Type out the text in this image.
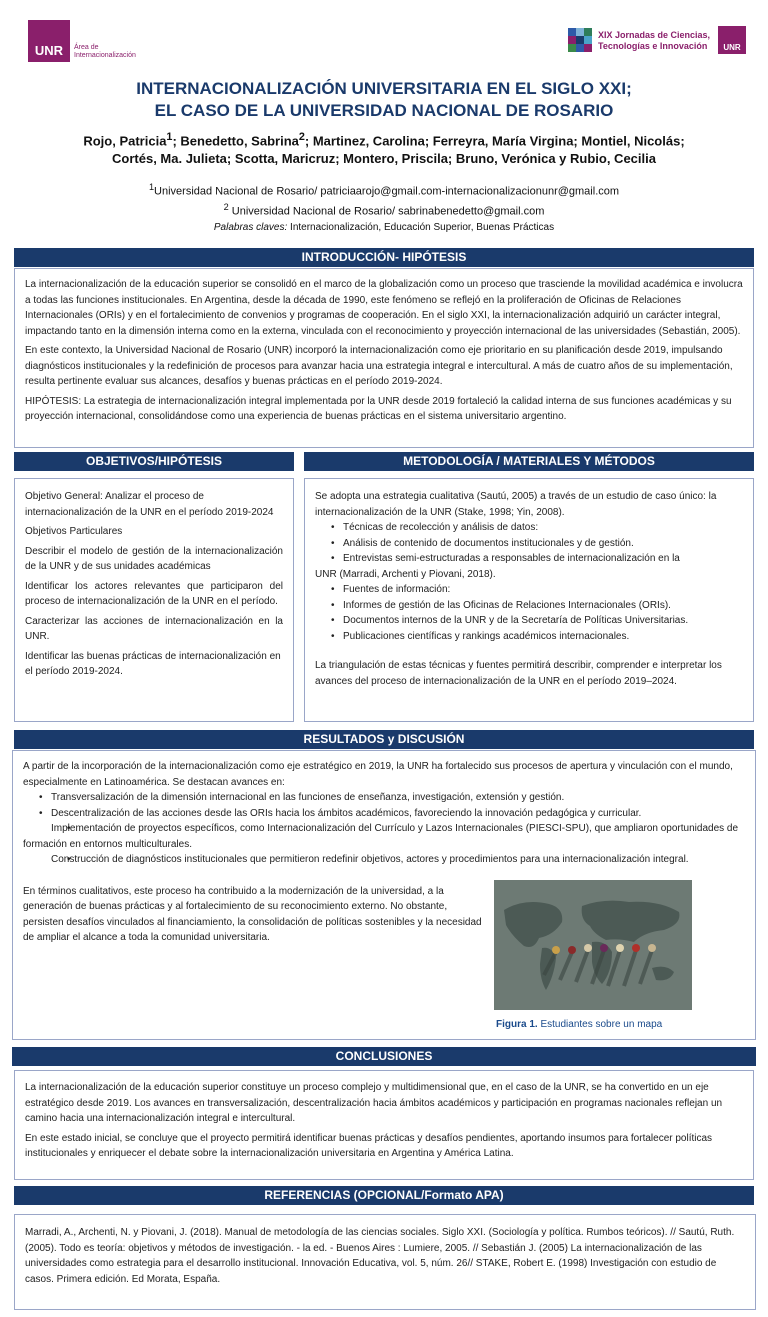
UNR Área de
Internacionalización
XIX Jornadas de Ciencias,
Tecnologías e Innovación	UNR
INTERNACIONALIZACIÓN UNIVERSITARIA EN EL SIGLO XXI;
EL CASO DE LA UNIVERSIDAD NACIONAL DE ROSARIO
Rojo, Patricia$^1$; Benedetto, Sabrina$^2$; Martinez, Carolina; Ferreyra, María Virgina; Montiel, Nicolás;
Cortés, Ma. Julieta; Scotta, Maricruz; Montero, Priscila; Bruno, Verónica y Rubio, Cecilia
$^1$Universidad Nacional de Rosario/ patriciaarojo@gmail.com-internacionalizacionunr@gmail.com
$^2$ Universidad Nacional de Rosario/ sabrinabenedetto@gmail.com
Palabras claves: Internacionalización, Educación Superior, Buenas Prácticas
INTRODUCCIÓN- HIPÓTESIS

La internacionalización de la educación superior se consolidó en el marco de la globalización como un proceso que trasciende la movilidad académica e involucra a todas las funciones institucionales. En Argentina, desde la década de 1990, este fenómeno se reflejó en la proliferación de Oficinas de Relaciones Internacionales (ORIs) y en el fortalecimiento de convenios y programas de cooperación. En el siglo XXI, la internacionalización adquirió un carácter integral, impactando tanto en la dimensión interna como en la externa, vinculada con el reconocimiento y proyección internacional de las universidades (Sebastián, 2005).

En este contexto, la Universidad Nacional de Rosario (UNR) incorporó la internacionalización como eje prioritario en su planificación desde 2019, impulsando diagnósticos institucionales y la redefinición de procesos para avanzar hacia una estrategia integral e intercultural. A más de cuatro años de su implementación, resulta pertinente evaluar sus alcances, desafíos y buenas prácticas en el período 2019-2024.

HIPÓTESIS: La estrategia de internacionalización integral implementada por la UNR desde 2019 fortaleció la calidad interna de sus funciones académicas y su proyección internacional, consolidándose como una experiencia de buenas prácticas en el sistema universitario argentino.

OBJETIVOS/HIPÓTESIS

Objetivo General: Analizar el proceso de internacionalización de la UNR en el período 2019-2024

Objetivos Particulares

Describir el modelo de gestión de la internacionalización de la UNR y de sus unidades académicas

Identificar los actores relevantes que participaron del proceso de internacionalización de la UNR en el período.

Caracterizar las acciones de internacionalización en la UNR.

Identificar las buenas prácticas de internacionalización en el período 2019-2024.

METODOLOGÍA / MATERIALES Y MÉTODOS

Se adopta una estrategia cualitativa (Sautú, 2005) a través de un estudio de caso único: la internacionalización de la UNR (Stake, 1998; Yin, 2008).

• Técnicas de recolección y análisis de datos:
• Análisis de contenido de documentos institucionales y de gestión.
• Entrevistas semi-estructuradas a responsables de internacionalización en la
UNR (Marradi, Archenti y Piovani, 2018).
• Fuentes de información:
• Informes de gestión de las Oficinas de Relaciones Internacionales (ORIs).
• Documentos internos de la UNR y de la Secretaría de Políticas Universitarias.
• Publicaciones científicas y rankings académicos internacionales.

La triangulación de estas técnicas y fuentes permitirá describir, comprender e interpretar los avances del proceso de internacionalización de la UNR en el período 2019–2024.

RESULTADOS y DISCUSIÓN

A partir de la incorporación de la internacionalización como eje estratégico en 2019, la UNR ha fortalecido sus procesos de apertura y vinculación con el mundo, especialmente en Latinoamérica. Se destacan avances en:

• Transversalización de la dimensión internacional en las funciones de enseñanza, investigación, extensión y gestión.
• Descentralización de las acciones desde las ORIs hacia los ámbitos académicos, favoreciendo la innovación pedagógica y curricular.
• Implementación de proyectos específicos, como Internacionalización del Currículo y Lazos Internacionales (PIESCI-SPU), que ampliaron oportunidades de formación en entornos multiculturales.
• Construcción de diagnósticos institucionales que permitieron redefinir objetivos, actores y procedimientos para una internacionalización integral.

En términos cualitativos, este proceso ha contribuido a la modernización de la universidad, a la generación de buenas prácticas y al fortalecimiento de su reconocimiento externo. No obstante, persisten desafíos vinculados al financiamiento, la consolidación de políticas sostenibles y la necesidad de ampliar el alcance a toda la comunidad universitaria.

Figura 1. Estudiantes sobre un mapa
CONCLUSIONES

La internacionalización de la educación superior constituye un proceso complejo y multidimensional que, en el caso de la UNR, se ha convertido en un eje estratégico desde 2019. Los avances en transversalización, descentralización hacia ámbitos académicos y participación en programas nacionales reflejan un camino hacia una internacionalización integral e intercultural.

En este estado inicial, se concluye que el proyecto permitirá identificar buenas prácticas y desafíos pendientes, aportando insumos para fortalecer políticas institucionales y enriquecer el debate sobre la internacionalización universitaria en Argentina y América Latina.

REFERENCIAS (OPCIONAL/Formato APA)

Marradi, A., Archenti, N. y Piovani, J. (2018). Manual de metodología de las ciencias sociales. Siglo XXI. (Sociología y política. Rumbos teóricos). // Sautú, Ruth.(2005). Todo es teoría: objetivos y métodos de investigación. - la ed. - Buenos Aires : Lumiere, 2005. // Sebastián J. (2005) La internacionalización de las universidades como estrategia para el desarrollo institucional. Innovación Educativa, vol. 5, núm. 26// STAKE, Robert E. (1998) Investigación con estudio de casos. Primera edición. Ed Morata, España.
